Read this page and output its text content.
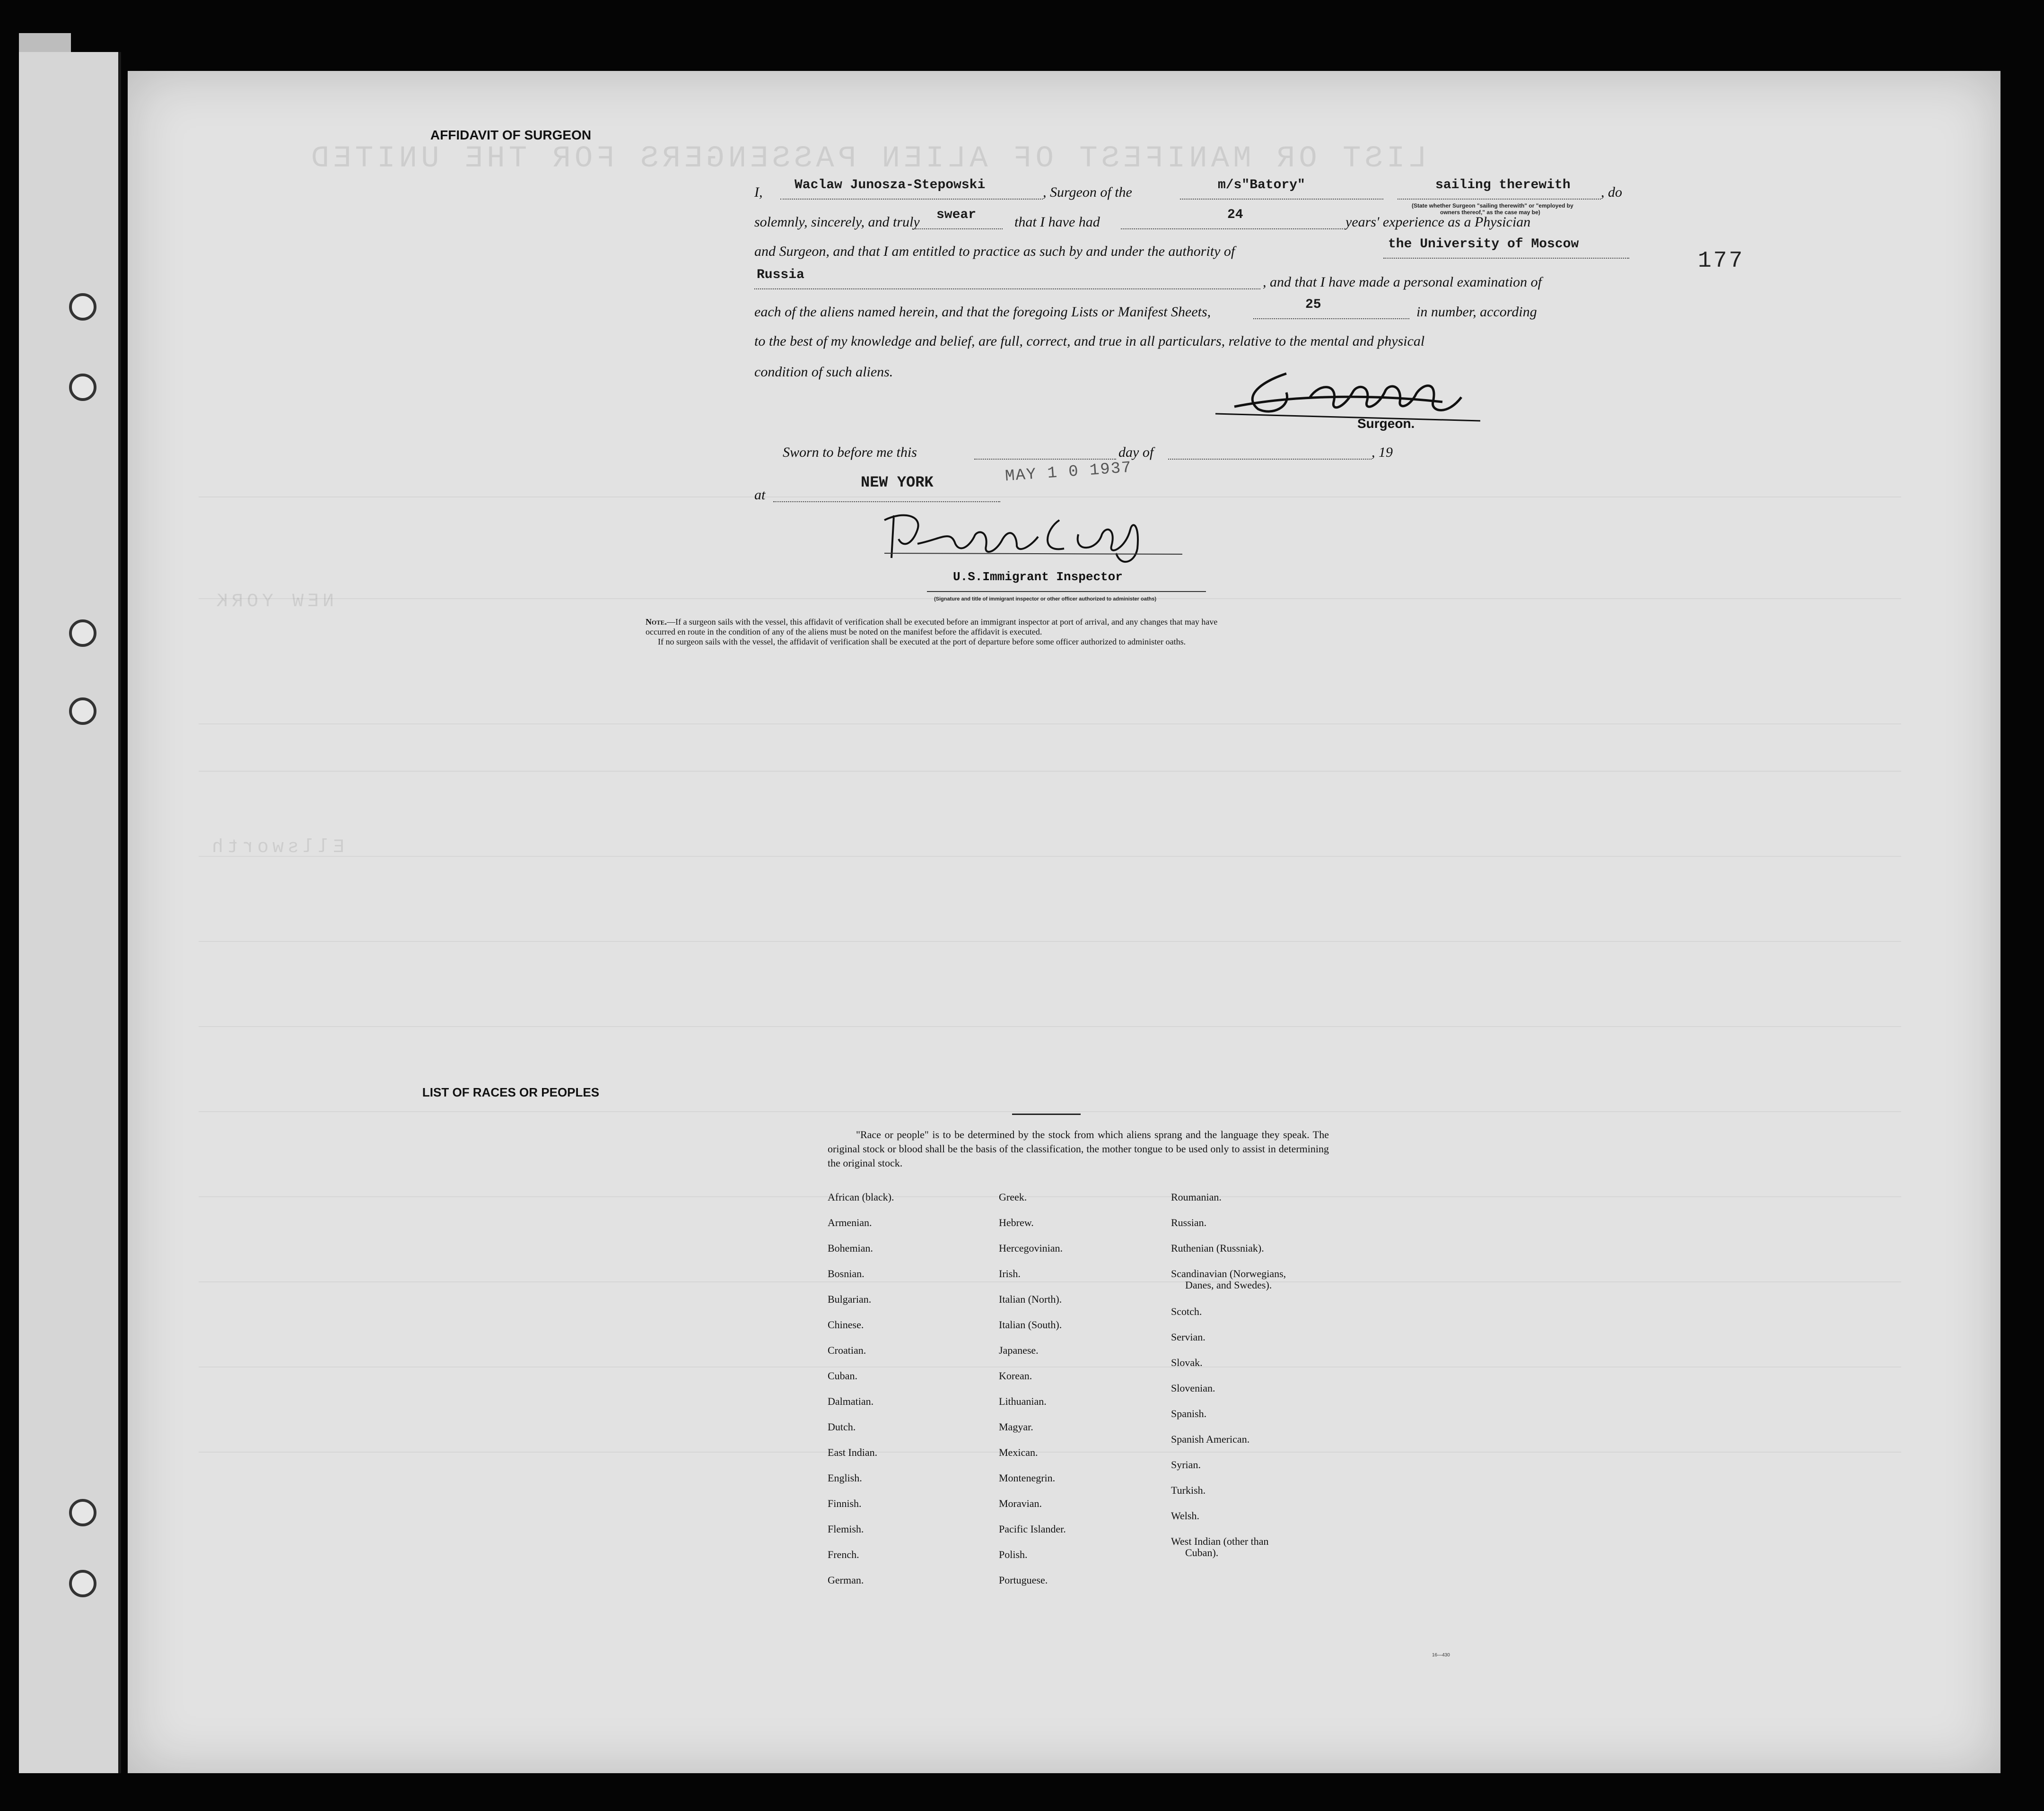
LIST OR MANIFEST OF ALIEN PASSENGERS FOR THE UNITED
NEW YORK
Ellsworth
177
AFFIDAVIT OF SURGEON
I, Waclaw Junosza-Stepowski	, Surgeon of the	m/s"Batory"	sailing therewith , do
(State whether Surgeon "sailing therewith" or "employed by
owners thereof," as the case may be)
solemnly, sincerely, and truly swear	that I have had	24	years' experience as a Physician
and Surgeon, and that I am entitled to practice as such by and under the authority of	the University of Moscow
Russia	, and that I have made a personal examination of
each of the aliens named herein, and that the foregoing Lists or Manifest Sheets,	25	in number, according
to the best of my knowledge and belief, are full, correct, and true in all particulars, relative to the mental and physical
condition of such aliens.
Surgeon.
MAY 1 0 1937
Sworn to before me this	day of	, 19
at
NEW YORK
U.S.Immigrant Inspector
(Signature and title of immigrant inspector or other officer authorized to administer oaths)
Note.—If a surgeon sails with the vessel, this affidavit of verification shall be executed before an immigrant inspector at port of arrival, and any changes that may have
occurred en route in the condition of any of the aliens must be noted on the manifest before the affidavit is executed.
If no surgeon sails with the vessel, the affidavit of verification shall be executed at the port of departure before some officer authorized to administer oaths.
LIST OF RACES OR PEOPLES
"Race or people" is to be determined by the stock from which aliens sprang and the language they speak. The original stock or blood shall be the basis of the classification, the mother tongue to be used only to assist in determining the original stock.
African (black).
Armenian.
Bohemian.
Bosnian.
Bulgarian.
Chinese.
Croatian.
Cuban.
Dalmatian.
Dutch.
East Indian.
English.
Finnish.
Flemish.
French.
German.
Greek.
Hebrew.
Hercegovinian.
Irish.
Italian (North).
Italian (South).
Japanese.
Korean.
Lithuanian.
Magyar.
Mexican.
Montenegrin.
Moravian.
Pacific Islander.
Polish.
Portuguese.
Roumanian.
Russian.
Ruthenian (Russniak).
Scandinavian (Norwegians,
Danes, and Swedes).
Scotch.
Servian.
Slovak.
Slovenian.
Spanish.
Spanish American.
Syrian.
Turkish.
Welsh.
West Indian (other than
Cuban).
16—430
